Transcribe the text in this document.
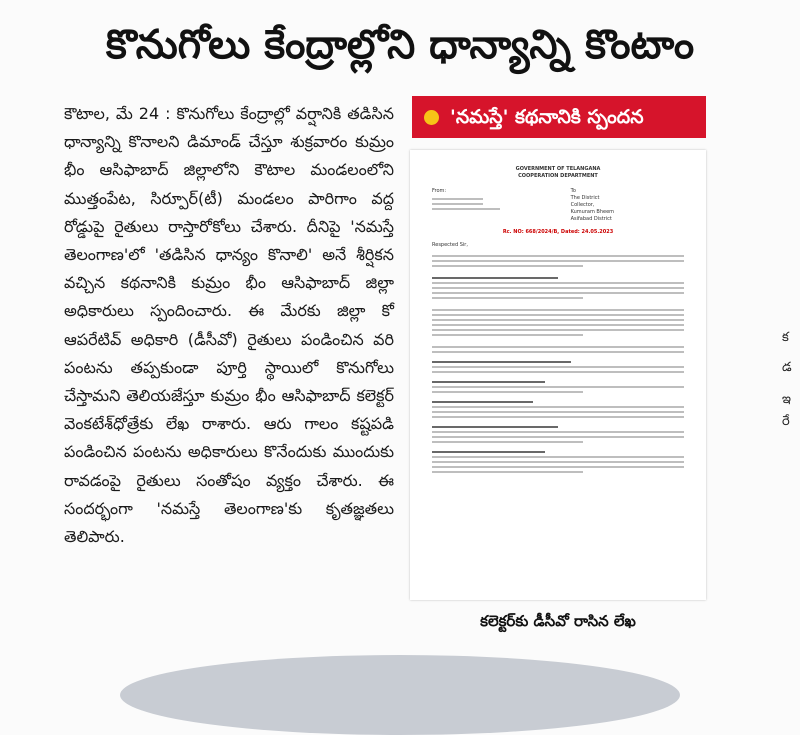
కొనుగోలు కేంద్రాల్లోని ధాన్యాన్ని కొంటాం

కౌటాల, మే 24 : కొనుగోలు కేంద్రాల్లో వర్షానికి తడిసిన ధాన్యాన్ని కొనాలని డిమాండ్ చేస్తూ శుక్రవారం కుమ్రం భీం ఆసిఫాబాద్ జిల్లాలోని కౌటాల మండలంలోని ముత్తంపేట, సిర్పూర్(టీ) మండలం పారిగాం వద్ద రోడ్డుపై రైతులు రాస్తారోకోలు చేశారు. దీనిపై 'నమస్తే తెలంగాణ'లో 'తడిసిన ధాన్యం కొనాలి' అనే శీర్షికన వచ్చిన కథనానికి కుమ్రం భీం ఆసిఫాబాద్ జిల్లా అధికారులు స్పందించారు. ఈ మేరకు జిల్లా కో ఆపరేటివ్ అధికారి (డీసీవో) రైతులు పండించిన వరి పంటను తప్పకుండా పూర్తి స్థాయిలో కొనుగోలు చేస్తామని తెలియజేస్తూ కుమ్రం భీం ఆసిఫాబాద్ కలెక్టర్ వెంకటేశ్‌ధోత్రేకు లేఖ రాశారు. ఆరు గాలం కష్టపడి పండించిన పంటను అధికారులు కొనేందుకు ముందుకు రావడంపై రైతులు సంతోషం వ్యక్తం చేశారు. ఈ సందర్భంగా 'నమస్తే తెలంగాణ'కు కృతజ్ఞతలు తెలిపారు.

'నమస్తే' కథనానికి స్పందన
GOVERNMENT OF TELANGANA
COOPERATION DEPARTMENT
From:	To
The District Collector,
Kumuram Bheem Asifabad District
Rc. NO: 668/2024/B, Dated: 24.05.2023
Respected Sir,
కలెక్టర్‌కు డీసీవో రాసిన లేఖ
క
డ
ఇ
రే
